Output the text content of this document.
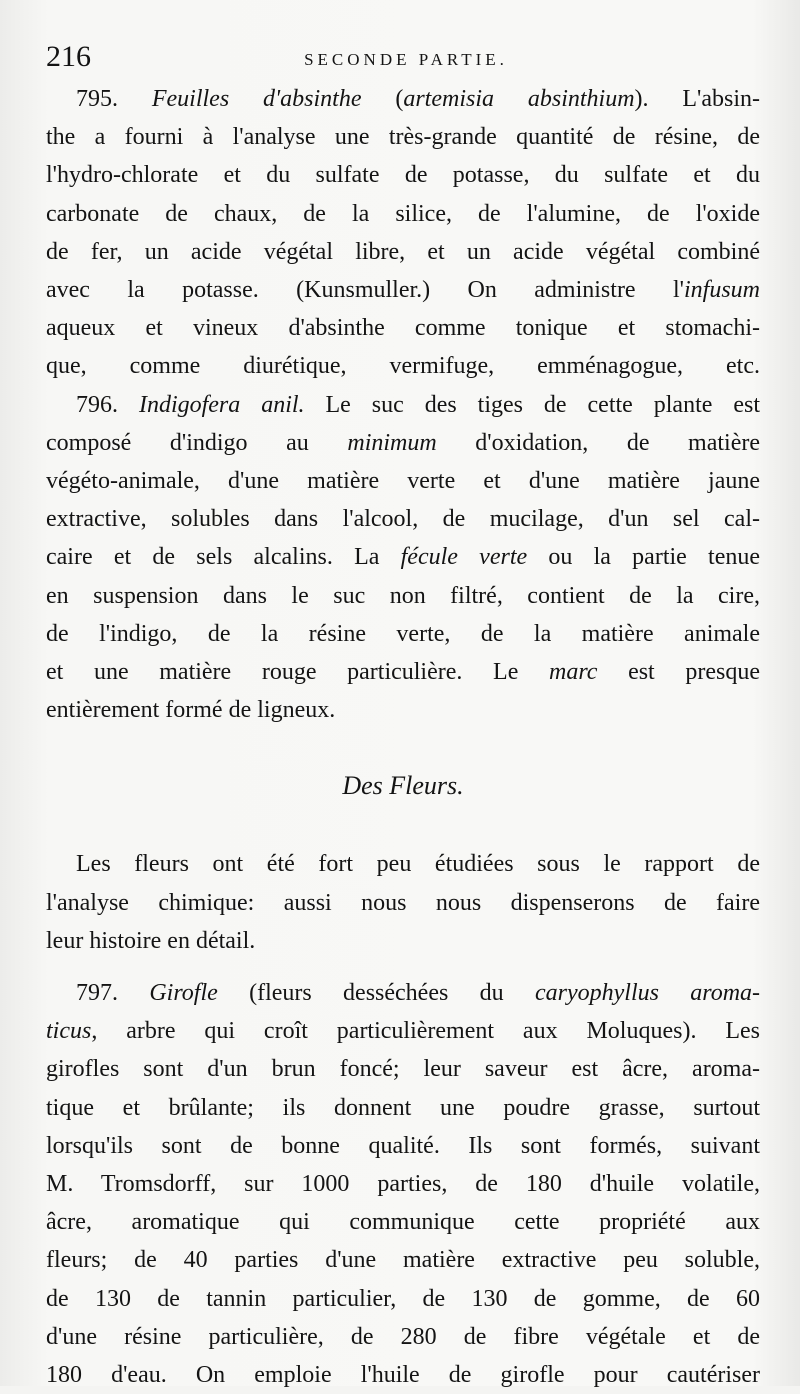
216	SECONDE PARTIE.
795. Feuilles d'absinthe (artemisia absinthium). L'absin-
the a fourni à l'analyse une très-grande quantité de résine, de
l'hydro-chlorate et du sulfate de potasse, du sulfate et du
carbonate de chaux, de la silice, de l'alumine, de l'oxide
de fer, un acide végétal libre, et un acide végétal combiné
avec la potasse. (Kunsmuller.) On administre l'infusum
aqueux et vineux d'absinthe comme tonique et stomachi-
que, comme diurétique, vermifuge, emménagogue, etc.
796. Indigofera anil. Le suc des tiges de cette plante est
composé d'indigo au minimum d'oxidation, de matière
végéto-animale, d'une matière verte et d'une matière jaune
extractive, solubles dans l'alcool, de mucilage, d'un sel cal-
caire et de sels alcalins. La fécule verte ou la partie tenue
en suspension dans le suc non filtré, contient de la cire,
de l'indigo, de la résine verte, de la matière animale
et une matière rouge particulière. Le marc est presque
entièrement formé de ligneux.
Des Fleurs.
Les fleurs ont été fort peu étudiées sous le rapport de
l'analyse chimique: aussi nous nous dispenserons de faire
leur histoire en détail.
797. Girofle (fleurs desséchées du caryophyllus aroma-
ticus, arbre qui croît particulièrement aux Moluques). Les
girofles sont d'un brun foncé; leur saveur est âcre, aroma-
tique et brûlante; ils donnent une poudre grasse, surtout
lorsqu'ils sont de bonne qualité. Ils sont formés, suivant
M. Tromsdorff, sur 1000 parties, de 180 d'huile volatile,
âcre, aromatique qui communique cette propriété aux
fleurs; de 40 parties d'une matière extractive peu soluble,
de 130 de tannin particulier, de 130 de gomme, de 60
d'une résine particulière, de 280 de fibre végétale et de
180 d'eau. On emploie l'huile de girofle pour cautériser
